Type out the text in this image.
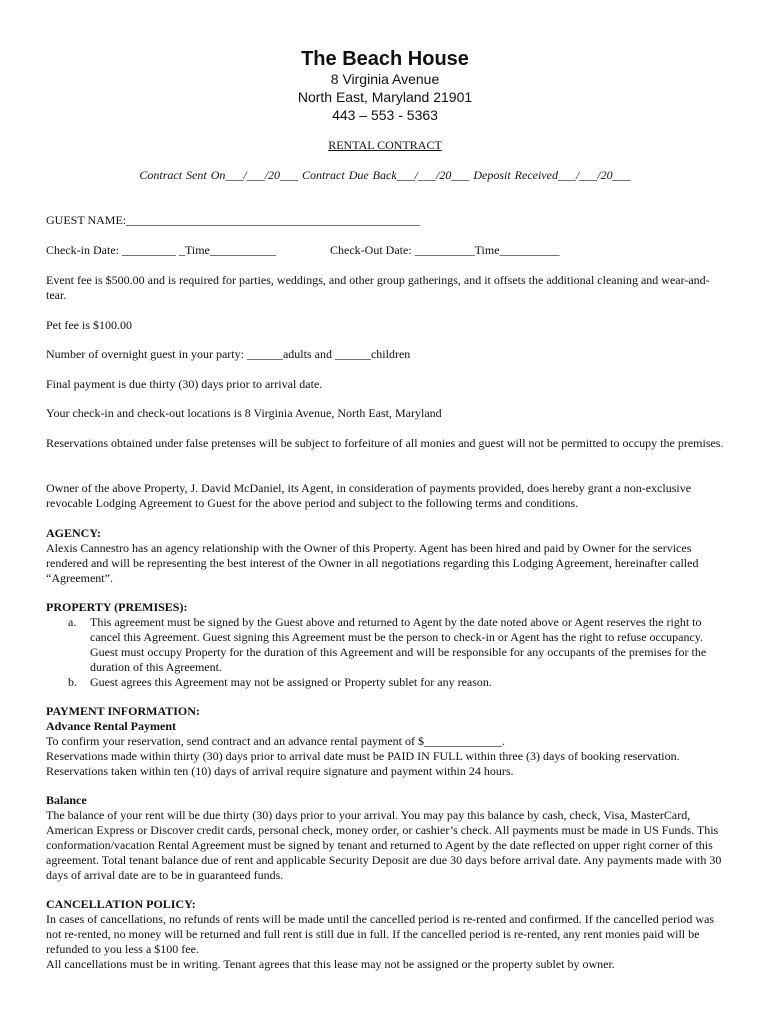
The Beach House
8 Virginia Avenue
North East, Maryland 21901
443 – 553 - 5363
RENTAL CONTRACT
Contract Sent On___/___/20___ Contract Due Back___/___/20___ Deposit Received___/___/20___

GUEST NAME:_________________________________________________

Check-in Date: _________ _Time___________	Check-Out Date: __________Time__________

Event fee is $500.00 and is required for parties, weddings, and other group gatherings, and it offsets the additional cleaning and wear-and-tear.

Pet fee is $100.00

Number of overnight guest in your party: ______adults and ______children

Final payment is due thirty (30) days prior to arrival date.

Your check-in and check-out locations is 8 Virginia Avenue, North East, Maryland

Reservations obtained under false pretenses will be subject to forfeiture of all monies and guest will not be permitted to occupy the premises.

Owner of the above Property, J. David McDaniel, its Agent, in consideration of payments provided, does hereby grant a non-exclusive revocable Lodging Agreement to Guest for the above period and subject to the following terms and conditions.

AGENCY:
Alexis Cannestro has an agency relationship with the Owner of this Property. Agent has been hired and paid by Owner for the services rendered and will be representing the best interest of the Owner in all negotiations regarding this Lodging Agreement, hereinafter called “Agreement”.
PROPERTY (PREMISES):
a. This agreement must be signed by the Guest above and returned to Agent by the date noted above or Agent reserves the right to cancel this Agreement. Guest signing this Agreement must be the person to check-in or Agent has the right to refuse occupancy. Guest must occupy Property for the duration of this Agreement and will be responsible for any occupants of the premises for the duration of this Agreement.
b. Guest agrees this Agreement may not be assigned or Property sublet for any reason.
PAYMENT INFORMATION:
Advance Rental Payment
To confirm your reservation, send contract and an advance rental payment of $_____________.
Reservations made within thirty (30) days prior to arrival date must be PAID IN FULL within three (3) days of booking reservation.
Reservations taken within ten (10) days of arrival require signature and payment within 24 hours.
Balance
The balance of your rent will be due thirty (30) days prior to your arrival. You may pay this balance by cash, check, Visa, MasterCard, American Express or Discover credit cards, personal check, money order, or cashier’s check. All payments must be made in US Funds. This conformation/vacation Rental Agreement must be signed by tenant and returned to Agent by the date reflected on upper right corner of this agreement. Total tenant balance due of rent and applicable Security Deposit are due 30 days before arrival date. Any payments made with 30 days of arrival date are to be in guaranteed funds.
CANCELLATION POLICY:
In cases of cancellations, no refunds of rents will be made until the cancelled period is re-rented and confirmed. If the cancelled period was not re-rented, no money will be returned and full rent is still due in full. If the cancelled period is re-rented, any rent monies paid will be refunded to you less a $100 fee.
All cancellations must be in writing. Tenant agrees that this lease may not be assigned or the property sublet by owner.
